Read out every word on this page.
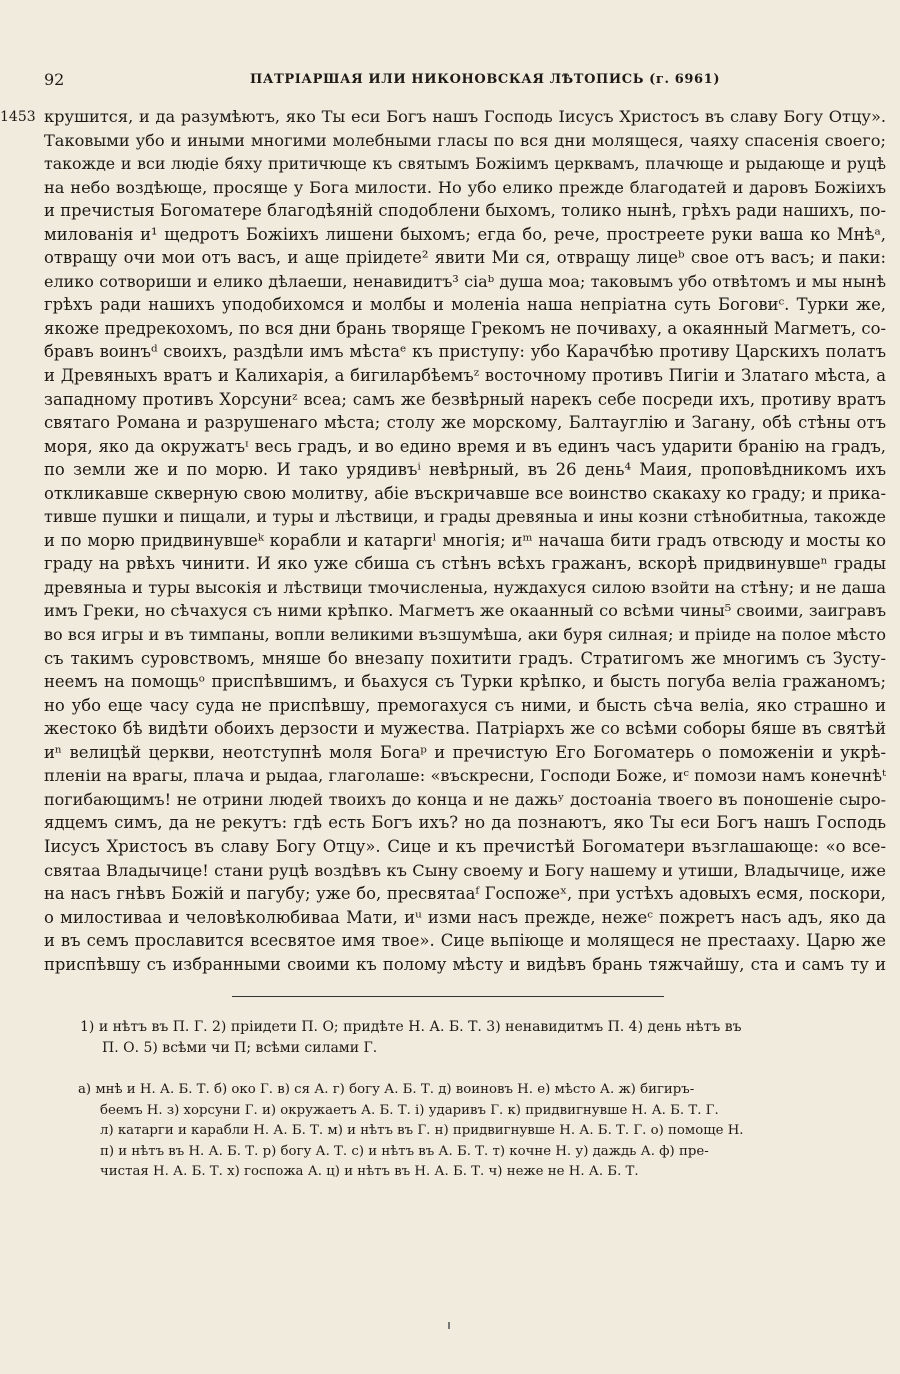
92	ПАТРІАРШАЯ ИЛИ НИКОНОВСКАЯ ЛѢТОПИСЬ (г. 6961)
1453 крушится, и да разумѣютъ, яко Ты еси Богъ нашъ Господь Іисусъ Христосъ въ славу Богу Отцу».
Таковыми убо и иными многими молебными гласы по вся дни молящеся, чаяху спасенія своего;
такожде и вси людіе бяху притичюще къ святымъ Божіимъ церквамъ, плачюще и рыдающе и руцѣ
на небо воздѣюще, просяще у Бога милости. Но убо елико прежде благодатей и даровъ Божіихъ
и пречистыя Богоматере благодѣяній сподоблени быхомъ, толико нынѣ, грѣхъ ради нашихъ, по-
милованія и¹ щедротъ Божіихъ лишени быхомъ; егда бо, рече, простреете руки ваша ко Мнѣᵃ,
отвращу очи мои отъ васъ, и аще пріидете² явити Ми ся, отвращу лицеᵇ свое отъ васъ; и паки:
елико сотвориши и елико дѣлаеши, ненавидитъ³ сіаᵇ душа моа; таковымъ убо отвѣтомъ и мы нынѣ
грѣхъ ради нашихъ уподобихомся и молбы и моленіа наша непріатна суть Боговиᶜ. Турки же,
якоже предрекохомъ, по вся дни брань творяще Грекомъ не почиваху, а окаянный Магметъ, со-
бравъ воинъᵈ своихъ, раздѣли имъ мѣстаᵉ къ приступу: убо Карачбѣю противу Царскихъ полатъ
и Древяныхъ вратъ и Калихарія, а бигиларбѣемъᶻ восточному противъ Пигіи и Златаго мѣста, а
западному противъ Хорсуниᶻ всеа; самъ же безвѣрный нарекъ себе посреди ихъ, противу вратъ
святаго Романа и разрушенаго мѣста; столу же морскому, Балтауглію и Загану, обѣ стѣны отъ
моря, яко да окружатъᶦ весь градъ, и во едино время и въ единъ часъ ударити бранію на градъ,
по земли же и по морю. И тако урядивъⁱ невѣрный, въ 26 день⁴ Маия, проповѣдникомъ ихъ
откликавше скверную свою молитву, абіе въскричавше все воинство скакаху ко граду; и прика-
тивше пушки и пищали, и туры и лѣствици, и грады древяныа и ины козни стѣнобитныа, такожде
и по морю придвинувшеᵏ корабли и катаргиˡ многія; иᵐ начаша бити градъ отвсюду и мосты ко
граду на рвѣхъ чинити. И яко уже сбиша съ стѣнъ всѣхъ гражанъ, вскорѣ придвинувшеⁿ грады
древяныа и туры высокія и лѣствици тмочисленыа, нуждахуся силою взойти на стѣну; и не даша
имъ Греки, но сѣчахуся съ ними крѣпко. Магметъ же окаанный со всѣми чины⁵ своими, заигравъ
во вся игры и въ тимпаны, вопли великими възшумѣша, аки буря силная; и пріиде на полое мѣсто
съ такимъ суровствомъ, мняше бо внезапу похитити градъ. Стратигомъ же многимъ съ Зусту-
неемъ на помощьᵒ приспѣвшимъ, и бьахуся съ Турки крѣпко, и бысть погуба веліа гражаномъ;
но убо еще часу суда не приспѣвшу, премогахуся съ ними, и бысть сѣча веліа, яко страшно и
жестоко бѣ видѣти обоихъ дерзости и мужества. Патріархъ же со всѣми соборы бяше въ святѣй
иⁿ велицѣй церкви, неотступнѣ моля Богаᵖ и пречистую Его Богоматерь о поможеніи и укрѣ-
пленіи на врагы, плача и рыдаа, глаголаше: «въскресни, Господи Боже, иᶜ помози намъ конечнѣᵗ
погибающимъ! не отрини людей твоихъ до конца и не дажьʸ достоаніа твоего въ поношеніе сыро-
ядцемъ симъ, да не рекутъ: гдѣ есть Богъ ихъ? но да познаютъ, яко Ты еси Богъ нашъ Господь
Іисусъ Христосъ въ славу Богу Отцу». Сице и къ пречистѣй Богоматери възглашающе: «о все-
святаа Владычице! стани руцѣ воздѣвъ къ Сыну своему и Богу нашему и утиши, Владычице, иже
на насъ гнѣвъ Божій и пагубу; уже бо, пресвятааᶠ Госпожеˣ, при устѣхъ адовыхъ есмя, поскори,
о милостиваа и человѣколюбиваа Мати, иᵘ изми насъ прежде, нежеᶜ пожретъ насъ адъ, яко да
и въ семъ прославится всесвятое имя твое». Сице вьпіюще и молящеся не престааху. Царю же
приспѣвшу съ избранными своими къ полому мѣсту и видѣвъ брань тяжчайшу, ста и самъ ту и
1) и нѣтъ въ П. Г. 2) пріидети П. О; придѣте Н. А. Б. Т. 3) ненавидитмъ П. 4) день нѣтъ въ
П. О. 5) всѣми чи П; всѣми силами Г.
а) мнѣ и Н. А. Б. Т. б) око Г. в) ся А. г) богу А. Б. Т. д) воиновъ Н. е) мѣсто А. ж) бигиръ-
беемъ Н. з) хорсуни Г. и) окружаетъ А. Б. Т. і) ударивъ Г. к) придвигнувше Н. А. Б. Т. Г.
л) катарги и карабли Н. А. Б. Т. м) и нѣтъ въ Г. н) придвигнувше Н. А. Б. Т. Г. о) помоще Н.
п) и нѣтъ въ Н. А. Б. Т. р) богу А. Т. с) и нѣтъ въ А. Б. Т. т) кочне Н. у) даждь А. ф) пре-
чистая Н. А. Б. Т. х) госпожа А. ц) и нѣтъ въ Н. А. Б. Т. ч) неже не Н. А. Б. Т.
